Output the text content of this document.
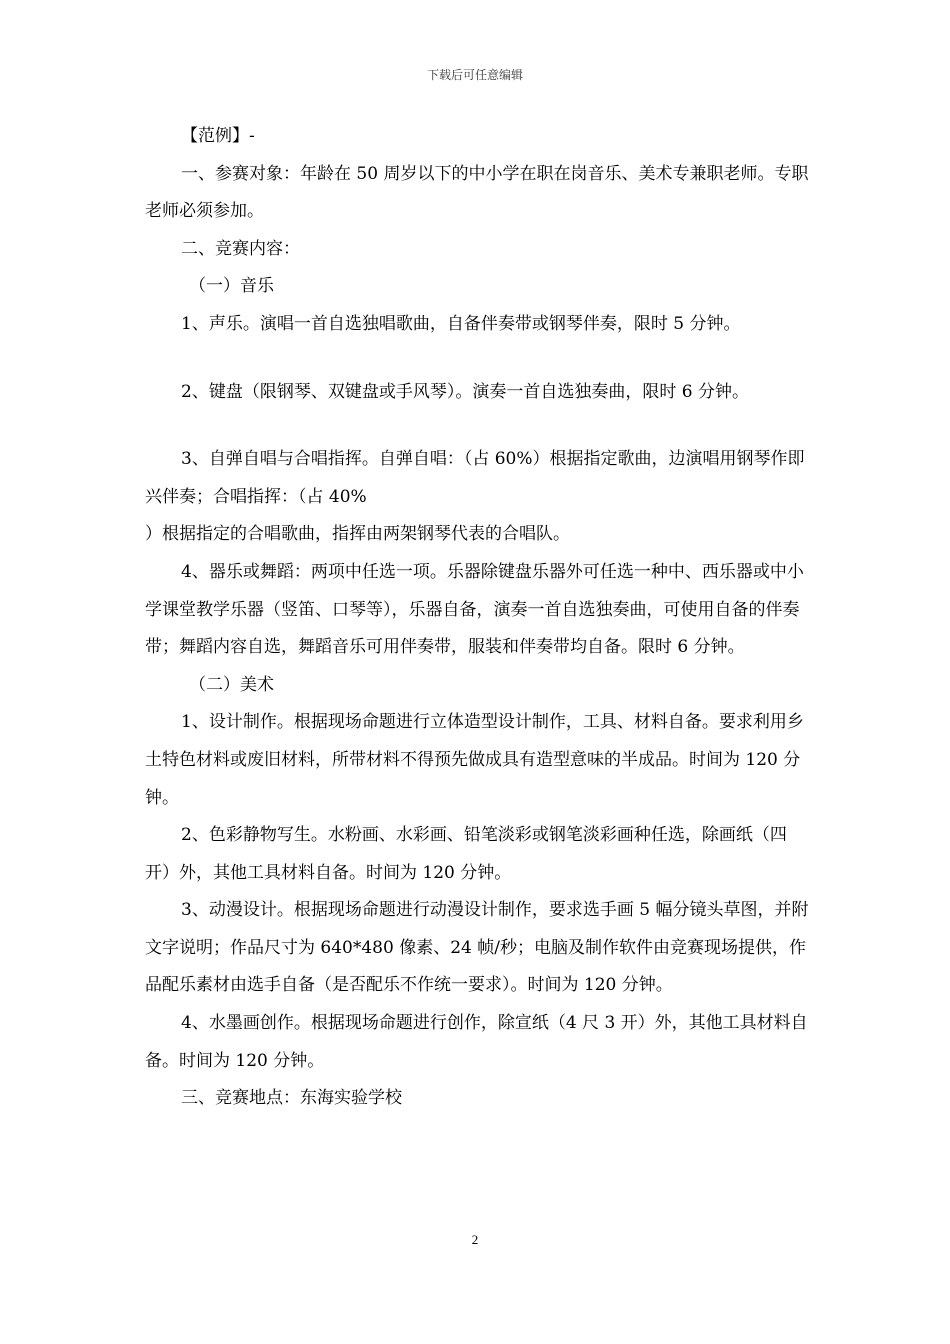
下载后可任意编辑

【范例】-

一、参赛对象：年龄在 50 周岁以下的中小学在职在岗音乐、美术专兼职老师。专职老师必须参加。

二、竞赛内容：

（一）音乐

1、声乐。演唱一首自选独唱歌曲，自备伴奏带或钢琴伴奏，限时 5 分钟。

2、键盘（限钢琴、双键盘或手风琴）。演奏一首自选独奏曲，限时 6 分钟。

3、自弹自唱与合唱指挥。自弹自唱：（占 60%）根据指定歌曲，边演唱用钢琴作即兴伴奏；合唱指挥：（占 40%

）根据指定的合唱歌曲，指挥由两架钢琴代表的合唱队。

4、器乐或舞蹈：两项中任选一项。乐器除键盘乐器外可任选一种中、西乐器或中小学课堂教学乐器（竖笛、口琴等），乐器自备，演奏一首自选独奏曲，可使用自备的伴奏带；舞蹈内容自选，舞蹈音乐可用伴奏带，服装和伴奏带均自备。限时 6 分钟。

（二）美术

1、设计制作。根据现场命题进行立体造型设计制作，工具、材料自备。要求利用乡土特色材料或废旧材料，所带材料不得预先做成具有造型意味的半成品。时间为 120 分钟。

2、色彩静物写生。水粉画、水彩画、铅笔淡彩或钢笔淡彩画种任选，除画纸（四开）外，其他工具材料自备。时间为 120 分钟。

3、动漫设计。根据现场命题进行动漫设计制作，要求选手画 5 幅分镜头草图，并附文字说明；作品尺寸为 640*480 像素、24 帧/秒；电脑及制作软件由竞赛现场提供，作品配乐素材由选手自备（是否配乐不作统一要求）。时间为 120 分钟。

4、水墨画创作。根据现场命题进行创作，除宣纸（4 尺 3 开）外，其他工具材料自备。时间为 120 分钟。

三、竞赛地点：东海实验学校

2
